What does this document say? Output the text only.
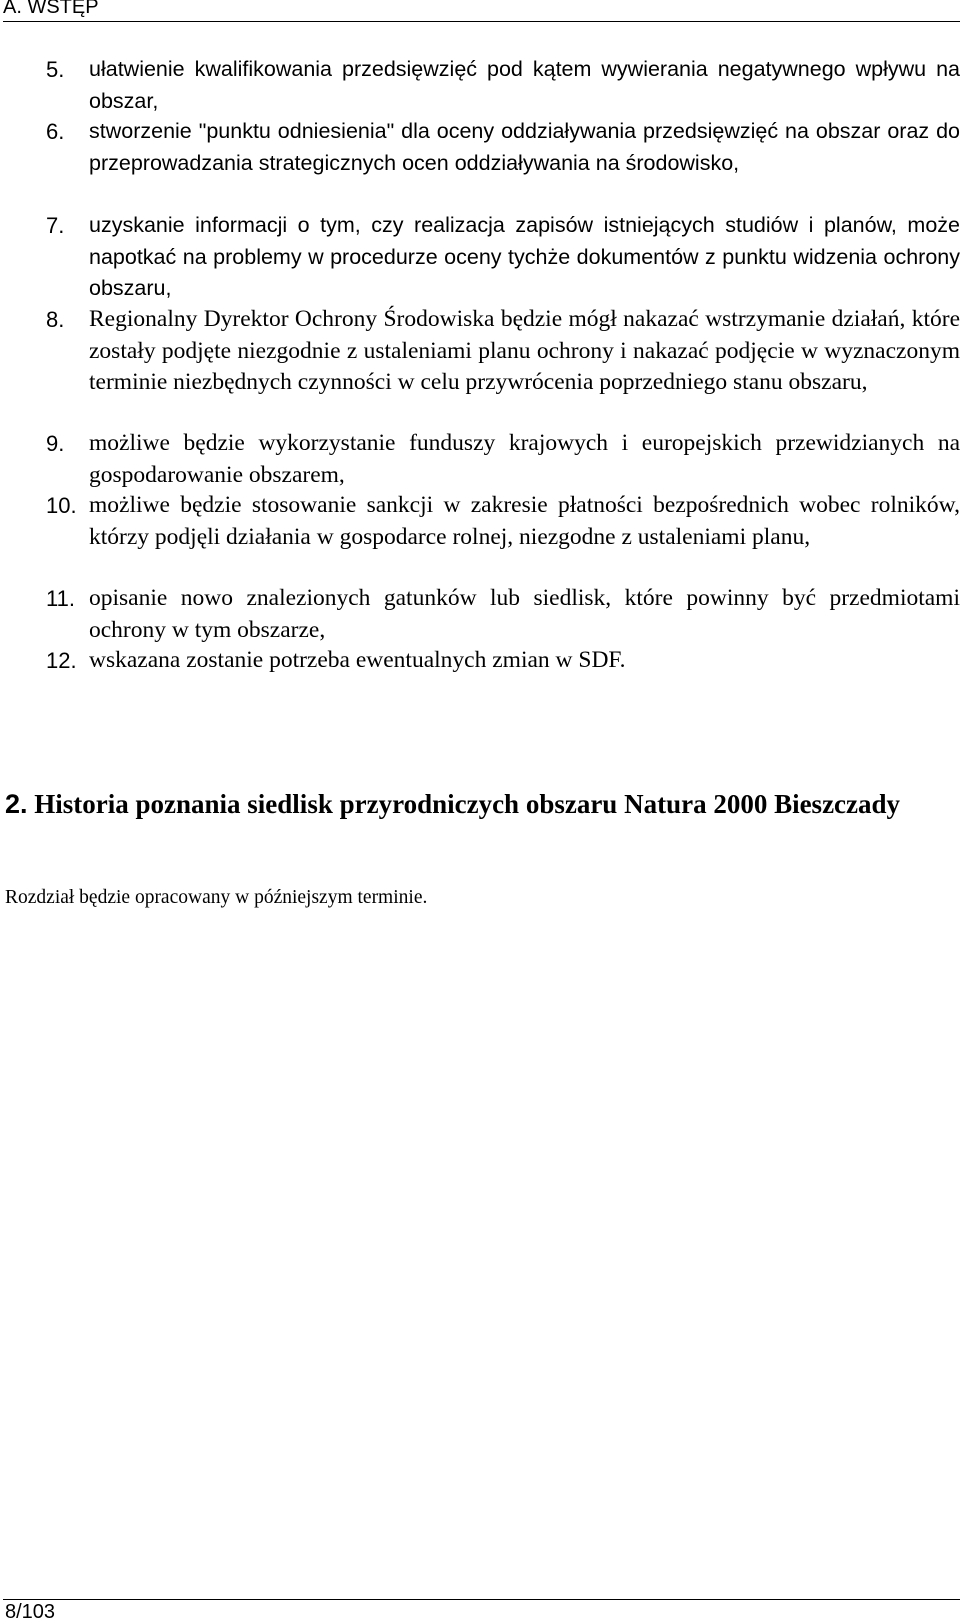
A. WSTĘP
5. ułatwienie kwalifikowania przedsięwzięć pod kątem wywierania negatywnego wpływu na obszar,
6. stworzenie "punktu odniesienia" dla oceny oddziaływania przedsięwzięć na obszar oraz do przeprowadzania strategicznych ocen oddziaływania na środowisko,
7. uzyskanie informacji o tym, czy realizacja zapisów istniejących studiów i planów, może napotkać na problemy w procedurze oceny tychże dokumentów z punktu widzenia ochrony obszaru,
8. Regionalny Dyrektor Ochrony Środowiska będzie mógł nakazać wstrzymanie działań, które zostały podjęte niezgodnie z ustaleniami planu ochrony i nakazać podjęcie w wyznaczonym terminie niezbędnych czynności w celu przywrócenia poprzedniego stanu obszaru,
9. możliwe będzie wykorzystanie funduszy krajowych i europejskich przewidzianych na gospodarowanie obszarem,
10. możliwe będzie stosowanie sankcji w zakresie płatności bezpośrednich wobec rolników, którzy podjęli działania w gospodarce rolnej, niezgodne z ustaleniami planu,
11. opisanie nowo znalezionych gatunków lub siedlisk, które powinny być przedmiotami ochrony w tym obszarze,
12. wskazana zostanie potrzeba ewentualnych zmian w SDF.
2. Historia poznania siedlisk przyrodniczych obszaru Natura 2000 Bieszczady
Rozdział będzie opracowany w późniejszym terminie.
8/103
